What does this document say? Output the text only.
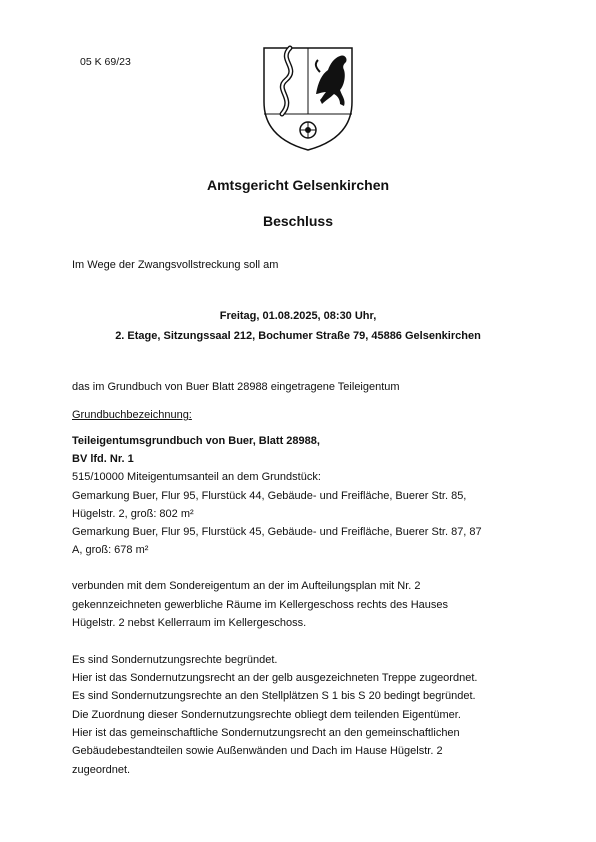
05 K 69/23
Amtsgericht Gelsenkirchen
Beschluss
Im Wege der Zwangsvollstreckung soll am
Freitag, 01.08.2025, 08:30 Uhr,
2. Etage, Sitzungssaal 212, Bochumer Straße 79, 45886 Gelsenkirchen
das im Grundbuch von Buer Blatt 28988 eingetragene Teileigentum
Grundbuchbezeichnung:
Teileigentumsgrundbuch von Buer, Blatt 28988,
BV lfd. Nr. 1
515/10000 Miteigentumsanteil an dem Grundstück:
Gemarkung Buer, Flur 95, Flurstück 44, Gebäude- und Freifläche, Buerer Str. 85,
Hügelstr. 2, groß: 802 m²
Gemarkung Buer, Flur 95, Flurstück 45, Gebäude- und Freifläche, Buerer Str. 87, 87
A, groß: 678 m²
verbunden mit dem Sondereigentum an der im Aufteilungsplan mit Nr. 2
gekennzeichneten gewerbliche Räume im Kellergeschoss rechts des Hauses
Hügelstr. 2 nebst Kellerraum im Kellergeschoss.
Es sind Sondernutzungsrechte begründet.
Hier ist das Sondernutzungsrecht an der gelb ausgezeichneten Treppe zugeordnet.
Es sind Sondernutzungsrechte an den Stellplätzen S 1 bis S 20 bedingt begründet.
Die Zuordnung dieser Sondernutzungsrechte obliegt dem teilenden Eigentümer.
Hier ist das gemeinschaftliche Sondernutzungsrecht an den gemeinschaftlichen
Gebäudebestandteilen sowie Außenwänden und Dach im Hause Hügelstr. 2
zugeordnet.
